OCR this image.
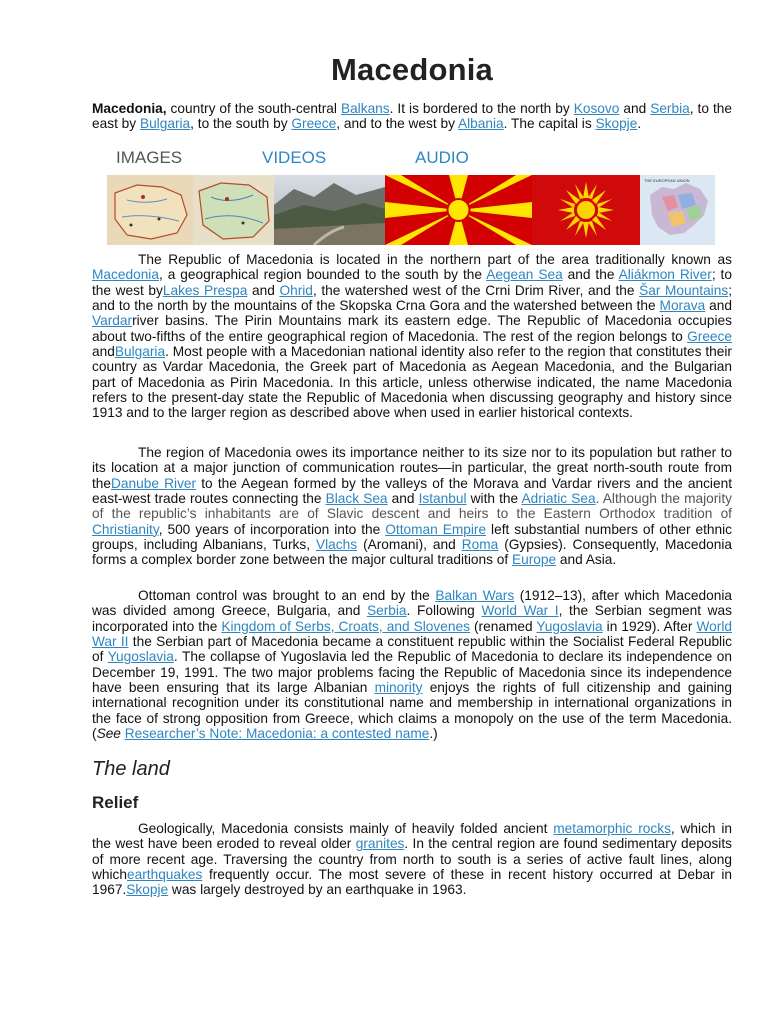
Macedonia
Macedonia, country of the south-central Balkans. It is bordered to the north by Kosovo and Serbia, to the east by Bulgaria, to the south by Greece, and to the west by Albania. The capital is Skopje.
IMAGES	VIDEOS	AUDIO
THE EUROPEAN UNION

The Republic of Macedonia is located in the northern part of the area traditionally known as Macedonia, a geographical region bounded to the south by the Aegean Sea and the Aliákmon River; to the west byLakes Prespa and Ohrid, the watershed west of the Crni Drim River, and the Šar Mountains; and to the north by the mountains of the Skopska Crna Gora and the watershed between the Morava and Vardarriver basins. The Pirin Mountains mark its eastern edge. The Republic of Macedonia occupies about two-fifths of the entire geographical region of Macedonia. The rest of the region belongs to Greece andBulgaria. Most people with a Macedonian national identity also refer to the region that constitutes their country as Vardar Macedonia, the Greek part of Macedonia as Aegean Macedonia, and the Bulgarian part of Macedonia as Pirin Macedonia. In this article, unless otherwise indicated, the name Macedonia refers to the present-day state the Republic of Macedonia when discussing geography and history since 1913 and to the larger region as described above when used in earlier historical contexts.

The region of Macedonia owes its importance neither to its size nor to its population but rather to its location at a major junction of communication routes—in particular, the great north-south route from theDanube River to the Aegean formed by the valleys of the Morava and Vardar rivers and the ancient east-west trade routes connecting the Black Sea and Istanbul with the Adriatic Sea. Although the majority of the republic’s inhabitants are of Slavic descent and heirs to the Eastern Orthodox tradition of Christianity, 500 years of incorporation into the Ottoman Empire left substantial numbers of other ethnic groups, including Albanians, Turks, Vlachs (Aromani), and Roma (Gypsies). Consequently, Macedonia forms a complex border zone between the major cultural traditions of Europe and Asia.

Ottoman control was brought to an end by the Balkan Wars (1912–13), after which Macedonia was divided among Greece, Bulgaria, and Serbia. Following World War I, the Serbian segment was incorporated into the Kingdom of Serbs, Croats, and Slovenes (renamed Yugoslavia in 1929). After World War II the Serbian part of Macedonia became a constituent republic within the Socialist Federal Republic of Yugoslavia. The collapse of Yugoslavia led the Republic of Macedonia to declare its independence on December 19, 1991. The two major problems facing the Republic of Macedonia since its independence have been ensuring that its large Albanian minority enjoys the rights of full citizenship and gaining international recognition under its constitutional name and membership in international organizations in the face of strong opposition from Greece, which claims a monopoly on the use of the term Macedonia. (See Researcher’s Note: Macedonia: a contested name.)

The land
Relief

Geologically, Macedonia consists mainly of heavily folded ancient metamorphic rocks, which in the west have been eroded to reveal older granites. In the central region are found sedimentary deposits of more recent age. Traversing the country from north to south is a series of active fault lines, along whichearthquakes frequently occur. The most severe of these in recent history occurred at Debar in 1967.Skopje was largely destroyed by an earthquake in 1963.
